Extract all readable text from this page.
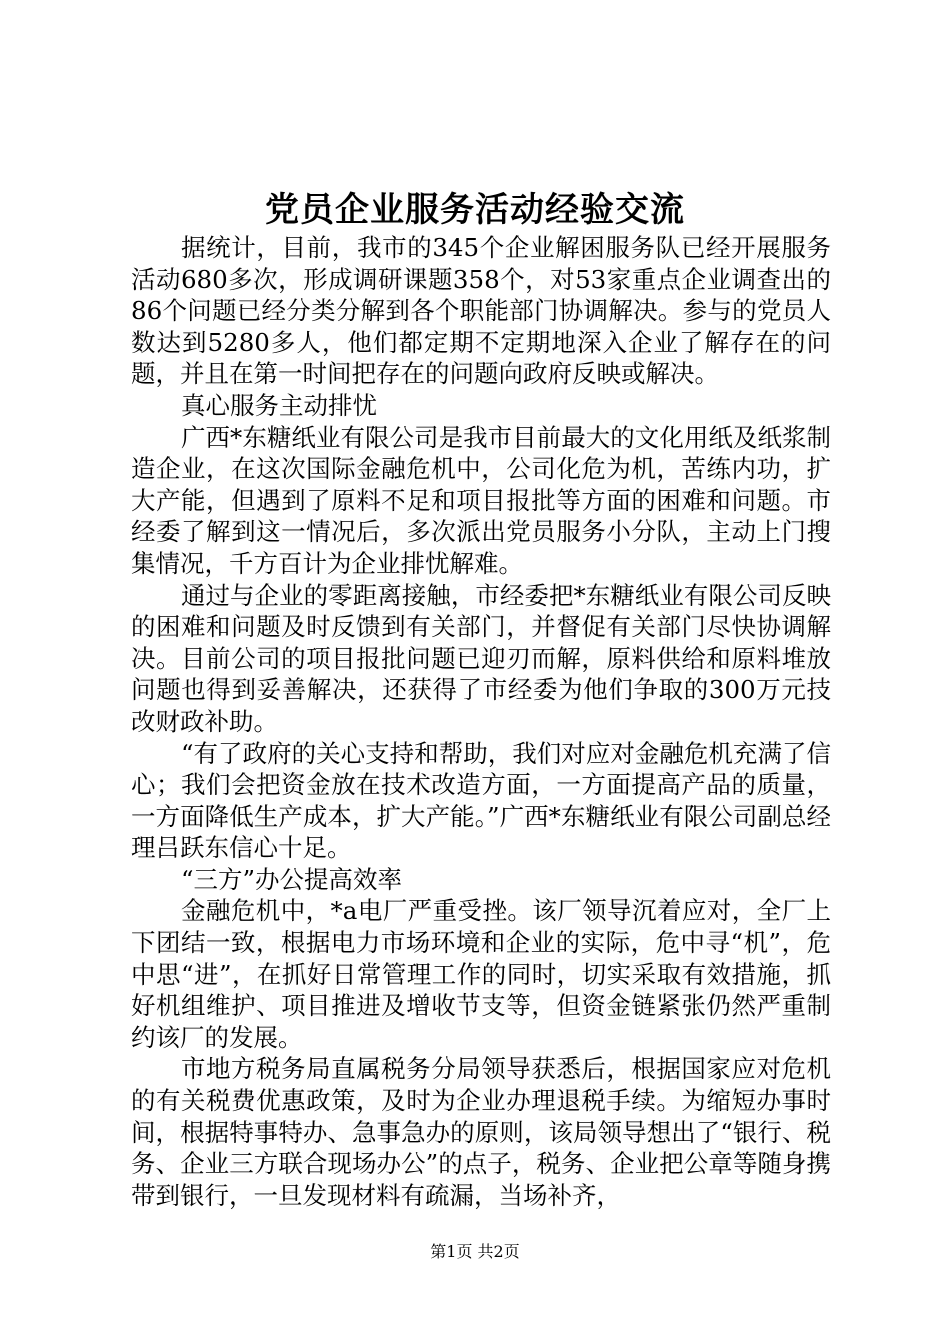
党员企业服务活动经验交流

据统计，目前，我市的345个企业解困服务队已经开展服务活动680多次，形成调研课题358个，对53家重点企业调查出的86个问题已经分类分解到各个职能部门协调解决。参与的党员人数达到5280多人，他们都定期不定期地深入企业了解存在的问题，并且在第一时间把存在的问题向政府反映或解决。

真心服务主动排忧

广西*东糖纸业有限公司是我市目前最大的文化用纸及纸浆制造企业，在这次国际金融危机中，公司化危为机，苦练内功，扩大产能，但遇到了原料不足和项目报批等方面的困难和问题。市经委了解到这一情况后，多次派出党员服务小分队，主动上门搜集情况，千方百计为企业排忧解难。

通过与企业的零距离接触，市经委把*东糖纸业有限公司反映的困难和问题及时反馈到有关部门，并督促有关部门尽快协调解决。目前公司的项目报批问题已迎刃而解，原料供给和原料堆放问题也得到妥善解决，还获得了市经委为他们争取的300万元技改财政补助。

“有了政府的关心支持和帮助，我们对应对金融危机充满了信心；我们会把资金放在技术改造方面，一方面提高产品的质量，一方面降低生产成本，扩大产能。”广西*东糖纸业有限公司副总经理吕跃东信心十足。

“三方”办公提高效率

金融危机中，*a电厂严重受挫。该厂领导沉着应对，全厂上下团结一致，根据电力市场环境和企业的实际，危中寻“机”，危中思“进”，在抓好日常管理工作的同时，切实采取有效措施，抓好机组维护、项目推进及增收节支等，但资金链紧张仍然严重制约该厂的发展。

市地方税务局直属税务分局领导获悉后，根据国家应对危机的有关税费优惠政策，及时为企业办理退税手续。为缩短办事时间，根据特事特办、急事急办的原则，该局领导想出了“银行、税务、企业三方联合现场办公”的点子，税务、企业把公章等随身携带到银行，一旦发现材料有疏漏，当场补齐，

第1页 共2页
